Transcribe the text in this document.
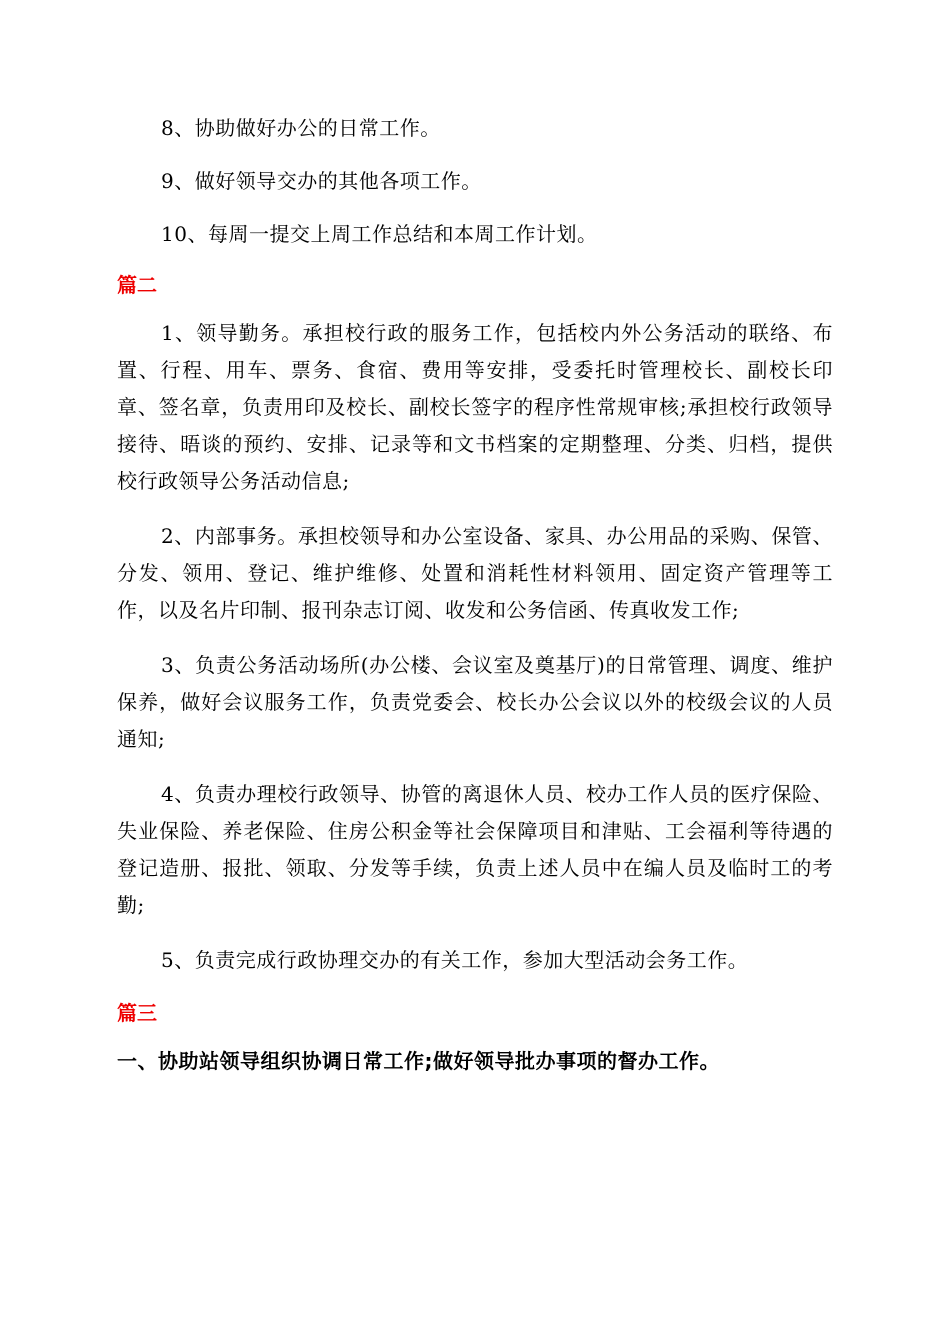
8、协助做好办公的日常工作。

9、做好领导交办的其他各项工作。

10、每周一提交上周工作总结和本周工作计划。

篇二

1、领导勤务。承担校行政的服务工作，包括校内外公务活动的联络、布置、行程、用车、票务、食宿、费用等安排，受委托时管理校长、副校长印章、签名章，负责用印及校长、副校长签字的程序性常规审核;承担校行政领导接待、晤谈的预约、安排、记录等和文书档案的定期整理、分类、归档，提供校行政领导公务活动信息;

2、内部事务。承担校领导和办公室设备、家具、办公用品的采购、保管、分发、领用、登记、维护维修、处置和消耗性材料领用、固定资产管理等工作，以及名片印制、报刊杂志订阅、收发和公务信函、传真收发工作;

3、负责公务活动场所(办公楼、会议室及奠基厅)的日常管理、调度、维护保养，做好会议服务工作，负责党委会、校长办公会议以外的校级会议的人员通知;

4、负责办理校行政领导、协管的离退休人员、校办工作人员的医疗保险、失业保险、养老保险、住房公积金等社会保障项目和津贴、工会福利等待遇的登记造册、报批、领取、分发等手续，负责上述人员中在编人员及临时工的考勤;

5、负责完成行政协理交办的有关工作，参加大型活动会务工作。

篇三

一、协助站领导组织协调日常工作;做好领导批办事项的督办工作。
